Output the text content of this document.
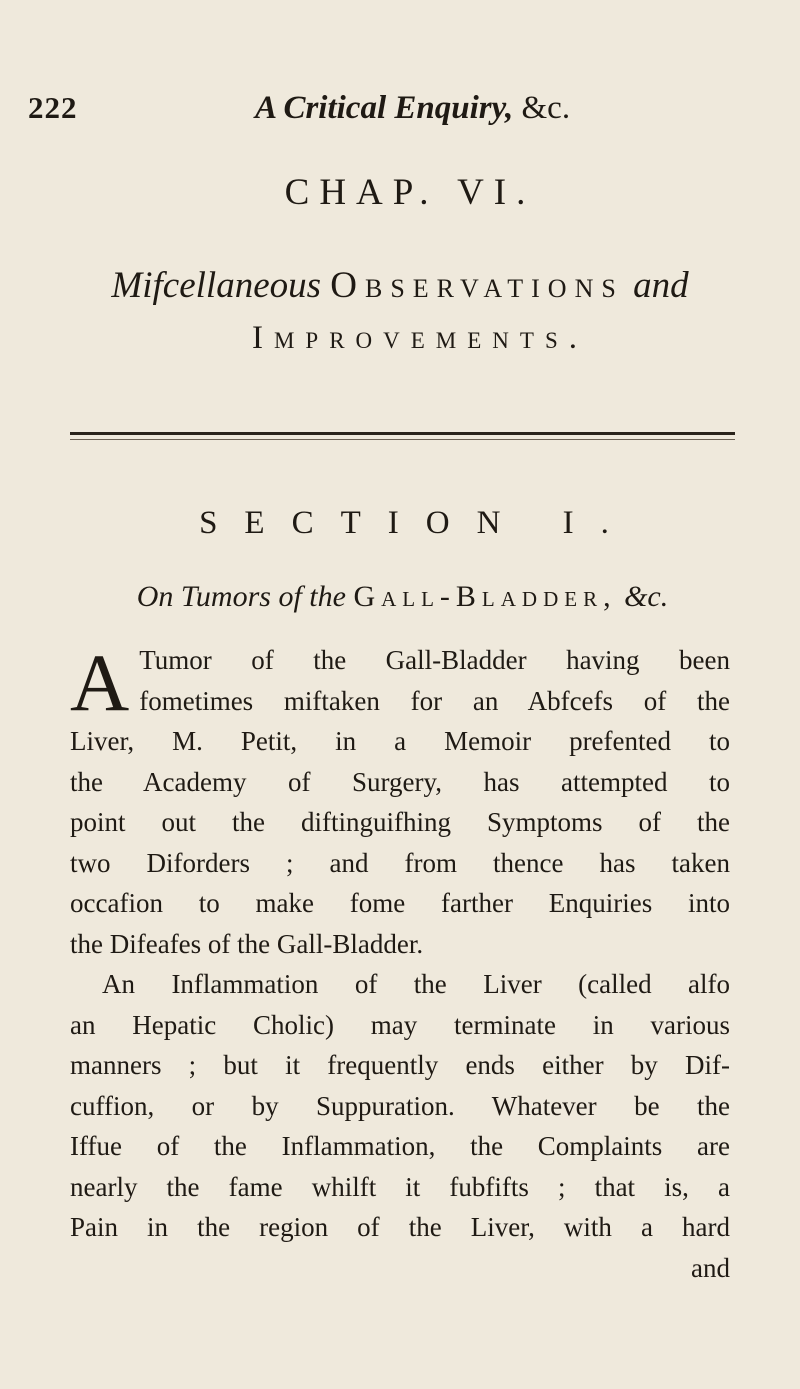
222	A Critical Enquiry, &c.
CHAP. VI.
Mifcellaneous Observations and
Improvements.
SECTION I.
On Tumors of the Gall-Bladder, &c.
A Tumor of the Gall-Bladder having been
fometimes miftaken for an Abfcefs of the
Liver, M. Petit, in a Memoir prefented to
the Academy of Surgery, has attempted to
point out the diftinguifhing Symptoms of the
two Diforders ; and from thence has taken
occafion to make fome farther Enquiries into
the Difeafes of the Gall-Bladder.
An Inflammation of the Liver (called alfo
an Hepatic Cholic) may terminate in various
manners ; but it frequently ends either by Dif-
cuffion, or by Suppuration. Whatever be the
Iffue of the Inflammation, the Complaints are
nearly the fame whilft it fubfifts ; that is, a
Pain in the region of the Liver, with a hard
and
